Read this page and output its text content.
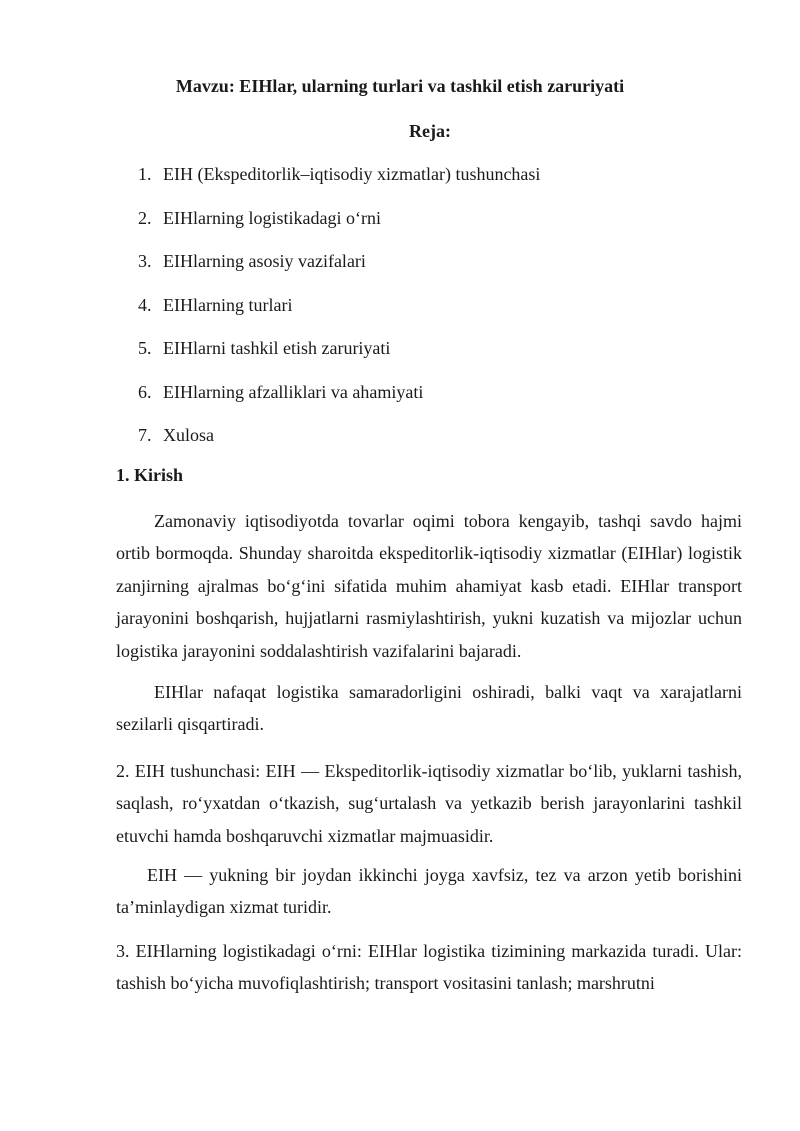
Mavzu: EIHlar, ularning turlari va tashkil etish zaruriyati
Reja:
1. EIH (Ekspeditorlik–iqtisodiy xizmatlar) tushunchasi
2. EIHlarning logistikadagi o‘rni
3. EIHlarning asosiy vazifalari
4. EIHlarning turlari
5. EIHlarni tashkil etish zaruriyati
6. EIHlarning afzalliklari va ahamiyati
7. Xulosa
1. Kirish

Zamonaviy iqtisodiyotda tovarlar oqimi tobora kengayib, tashqi savdo hajmi ortib bormoqda. Shunday sharoitda ekspeditorlik-iqtisodiy xizmatlar (EIHlar) logistik zanjirning ajralmas bo‘g‘ini sifatida muhim ahamiyat kasb etadi. EIHlar transport jarayonini boshqarish, hujjatlarni rasmiylashtirish, yukni kuzatish va mijozlar uchun logistika jarayonini soddalashtirish vazifalarini bajaradi.

EIHlar nafaqat logistika samaradorligini oshiradi, balki vaqt va xarajatlarni sezilarli qisqartiradi.

2. EIH tushunchasi: EIH — Ekspeditorlik-iqtisodiy xizmatlar bo‘lib, yuklarni tashish, saqlash, ro‘yxatdan o‘tkazish, sug‘urtalash va yetkazib berish jarayonlarini tashkil etuvchi hamda boshqaruvchi xizmatlar majmuasidir.

EIH — yukning bir joydan ikkinchi joyga xavfsiz, tez va arzon yetib borishini ta’minlaydigan xizmat turidir.

3. EIHlarning logistikadagi o‘rni: EIHlar logistika tizimining markazida turadi. Ular: tashish bo‘yicha muvofiqlashtirish; transport vositasini tanlash; marshrutni
